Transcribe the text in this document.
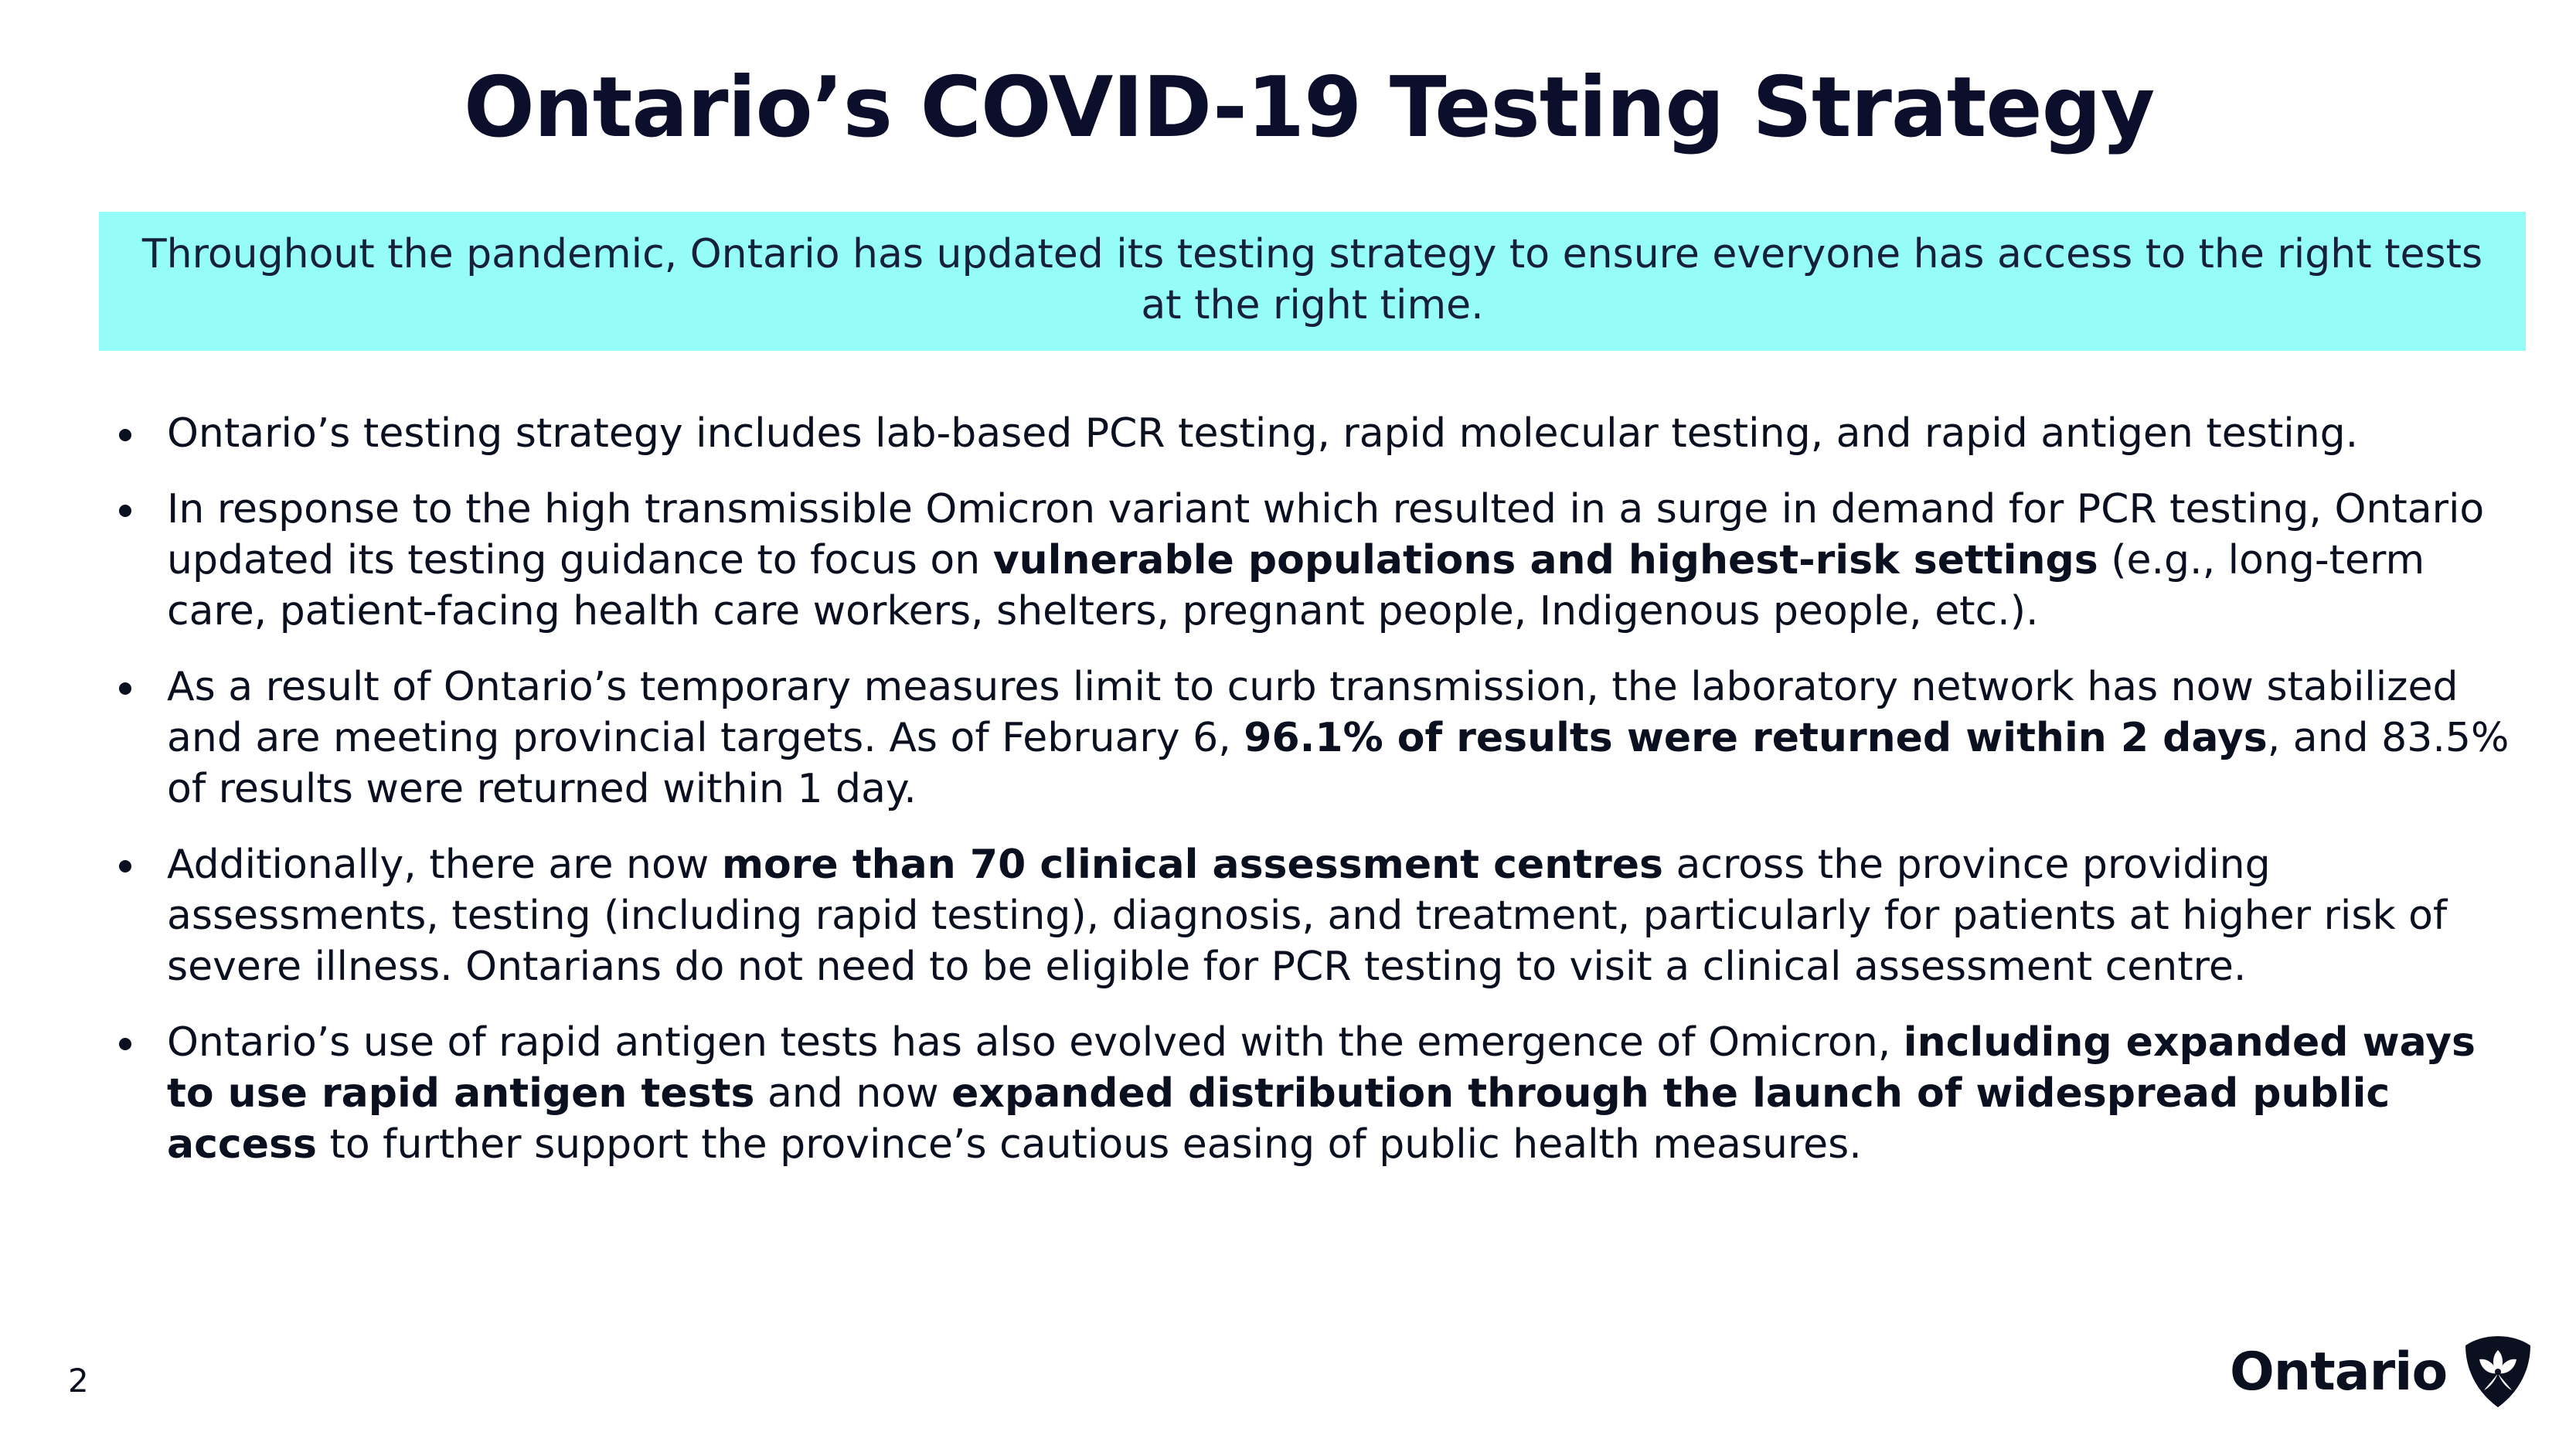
Ontario’s COVID-19 Testing Strategy
Throughout the pandemic, Ontario has updated its testing strategy to ensure everyone has access to the right tests at the right time.
Ontario’s testing strategy includes lab-based PCR testing, rapid molecular testing, and rapid antigen testing.
In response to the high transmissible Omicron variant which resulted in a surge in demand for PCR testing, Ontario updated its testing guidance to focus on vulnerable populations and highest-risk settings (e.g., long-term care, patient-facing health care workers, shelters, pregnant people, Indigenous people, etc.).
As a result of Ontario’s temporary measures limit to curb transmission, the laboratory network has now stabilized and are meeting provincial targets. As of February 6, 96.1% of results were returned within 2 days, and 83.5% of results were returned within 1 day.
Additionally, there are now more than 70 clinical assessment centres across the province providing assessments, testing (including rapid testing), diagnosis, and treatment, particularly for patients at higher risk of severe illness. Ontarians do not need to be eligible for PCR testing to visit a clinical assessment centre.
Ontario’s use of rapid antigen tests has also evolved with the emergence of Omicron, including expanded ways to use rapid antigen tests and now expanded distribution through the launch of widespread public access to further support the province’s cautious easing of public health measures.
2	Ontario
